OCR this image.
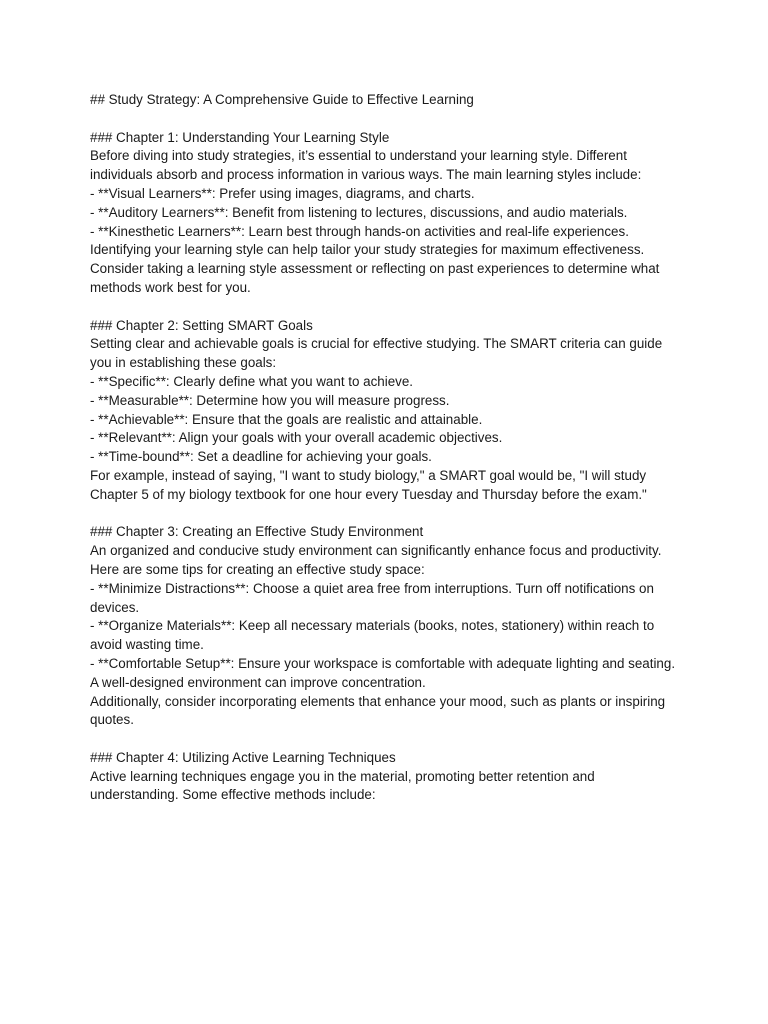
## Study Strategy: A Comprehensive Guide to Effective Learning

### Chapter 1: Understanding Your Learning Style

Before diving into study strategies, it’s essential to understand your learning style. Different individuals absorb and process information in various ways. The main learning styles include:

- **Visual Learners**: Prefer using images, diagrams, and charts.
- **Auditory Learners**: Benefit from listening to lectures, discussions, and audio materials.
- **Kinesthetic Learners**: Learn best through hands-on activities and real-life experiences.

Identifying your learning style can help tailor your study strategies for maximum effectiveness. Consider taking a learning style assessment or reflecting on past experiences to determine what methods work best for you.

### Chapter 2: Setting SMART Goals

Setting clear and achievable goals is crucial for effective studying. The SMART criteria can guide you in establishing these goals:

- **Specific**: Clearly define what you want to achieve.
- **Measurable**: Determine how you will measure progress.
- **Achievable**: Ensure that the goals are realistic and attainable.
- **Relevant**: Align your goals with your overall academic objectives.
- **Time-bound**: Set a deadline for achieving your goals.

For example, instead of saying, "I want to study biology," a SMART goal would be, "I will study Chapter 5 of my biology textbook for one hour every Tuesday and Thursday before the exam."

### Chapter 3: Creating an Effective Study Environment

An organized and conducive study environment can significantly enhance focus and productivity. Here are some tips for creating an effective study space:

- **Minimize Distractions**: Choose a quiet area free from interruptions. Turn off notifications on devices.
- **Organize Materials**: Keep all necessary materials (books, notes, stationery) within reach to avoid wasting time.
- **Comfortable Setup**: Ensure your workspace is comfortable with adequate lighting and seating. A well-designed environment can improve concentration.

Additionally, consider incorporating elements that enhance your mood, such as plants or inspiring quotes.

### Chapter 4: Utilizing Active Learning Techniques

Active learning techniques engage you in the material, promoting better retention and understanding. Some effective methods include:
